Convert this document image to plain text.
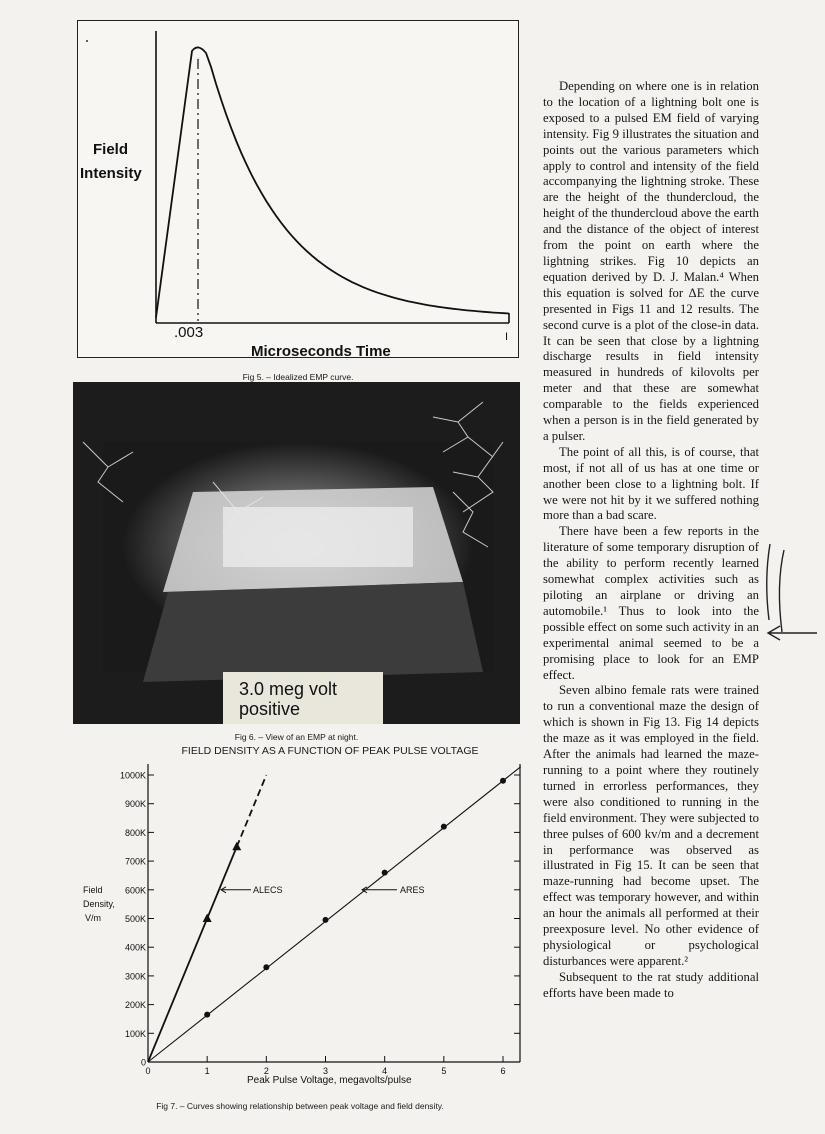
Field
Intensity
.003
Microseconds Time
I
Fig 5. – Idealized EMP curve.
3.0 meg volt
positive
Fig 6. – View of an EMP at night.
FIELD DENSITY AS A FUNCTION OF PEAK PULSE VOLTAGE
0
100K
200K
300K
400K
500K
600K
700K
800K
900K
1000K
0	1	2	3	4	5	6
Field
Density,
V/m
ALECS	ARES
Peak Pulse Voltage, megavolts/pulse
Fig 7. – Curves showing relationship between peak voltage and field density.

Depending on where one is in relation to the location of a lightning bolt one is exposed to a pulsed EM field of varying intensity. Fig 9 illustrates the situation and points out the various parameters which apply to control and intensity of the field accompanying the lightning stroke. These are the height of the thundercloud, the height of the thundercloud above the earth and the distance of the object of interest from the point on earth where the lightning strikes. Fig 10 depicts an equation derived by D. J. Malan.⁴ When this equation is solved for ΔE the curve presented in Figs 11 and 12 results. The second curve is a plot of the close-in data. It can be seen that close by a lightning discharge results in field intensity measured in hundreds of kilovolts per meter and that these are somewhat comparable to the fields experienced when a person is in the field generated by a pulser.

The point of all this, is of course, that most, if not all of us has at one time or another been close to a lightning bolt. If we were not hit by it we suffered nothing more than a bad scare.

There have been a few reports in the literature of some temporary disruption of the ability to perform recently learned somewhat complex activities such as piloting an airplane or driving an automobile.¹ Thus to look into the possible effect on some such activity in an experimental animal seemed to be a promising place to look for an EMP effect.

Seven albino female rats were trained to run a conventional maze the design of which is shown in Fig 13. Fig 14 depicts the maze as it was employed in the field. After the animals had learned the maze-running to a point where they routinely turned in errorless performances, they were also conditioned to running in the field environment. They were subjected to three pulses of 600 kv/m and a decrement in performance was observed as illustrated in Fig 15. It can be seen that maze-running had become upset. The effect was temporary however, and within an hour the animals all performed at their preexposure level. No other evidence of physiological or psychological disturbances were apparent.²

Subsequent to the rat study additional efforts have been made to
